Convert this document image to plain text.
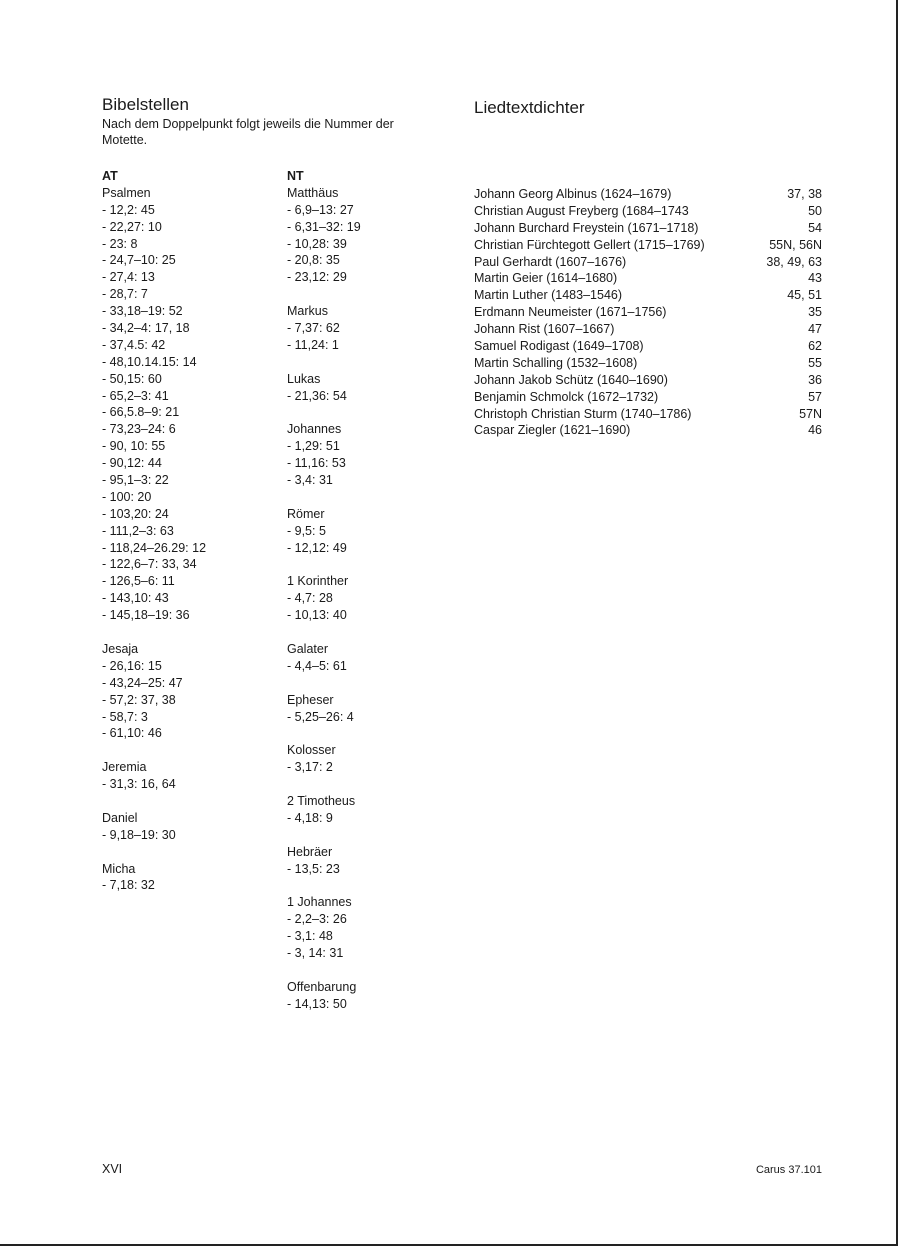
Bibelstellen
Nach dem Doppelpunkt folgt jeweils die Nummer der Motette.
AT
Psalmen
- 12,2: 45
- 22,27: 10
- 23: 8
- 24,7–10: 25
- 27,4: 13
- 28,7: 7
- 33,18–19: 52
- 34,2–4: 17, 18
- 37,4.5: 42
- 48,10.14.15: 14
- 50,15: 60
- 65,2–3: 41
- 66,5.8–9: 21
- 73,23–24: 6
- 90, 10: 55
- 90,12: 44
- 95,1–3: 22
- 100: 20
- 103,20: 24
- 111,2–3: 63
- 118,24–26.29: 12
- 122,6–7: 33, 34
- 126,5–6: 11
- 143,10: 43
- 145,18–19: 36
Jesaja
- 26,16: 15
- 43,24–25: 47
- 57,2: 37, 38
- 58,7: 3
- 61,10: 46
Jeremia
- 31,3: 16, 64
Daniel
- 9,18–19: 30
Micha
- 7,18: 32
NT
Matthäus
- 6,9–13: 27
- 6,31–32: 19
- 10,28: 39
- 20,8: 35
- 23,12: 29
Markus
- 7,37: 62
- 11,24: 1
Lukas
- 21,36: 54
Johannes
- 1,29: 51
- 11,16: 53
- 3,4: 31
Römer
- 9,5: 5
- 12,12: 49
1 Korinther
- 4,7: 28
- 10,13: 40
Galater
- 4,4–5: 61
Epheser
- 5,25–26: 4
Kolosser
- 3,17: 2
2 Timotheus
- 4,18: 9
Hebräer
- 13,5: 23
1 Johannes
- 2,2–3: 26
- 3,1: 48
- 3, 14: 31
Offenbarung
- 14,13: 50
Liedtextdichter
Johann Georg Albinus (1624–1679)	37, 38
Christian August Freyberg (1684–1743	50
Johann Burchard Freystein (1671–1718)	54
Christian Fürchtegott Gellert (1715–1769)	55N, 56N
Paul Gerhardt (1607–1676)	38, 49, 63
Martin Geier (1614–1680)	43
Martin Luther (1483–1546)	45, 51
Erdmann Neumeister (1671–1756)	35
Johann Rist (1607–1667)	47
Samuel Rodigast (1649–1708)	62
Martin Schalling (1532–1608)	55
Johann Jakob Schütz (1640–1690)	36
Benjamin Schmolck (1672–1732)	57
Christoph Christian Sturm (1740–1786)	57N
Caspar Ziegler (1621–1690)	46
XVI	Carus 37.101
